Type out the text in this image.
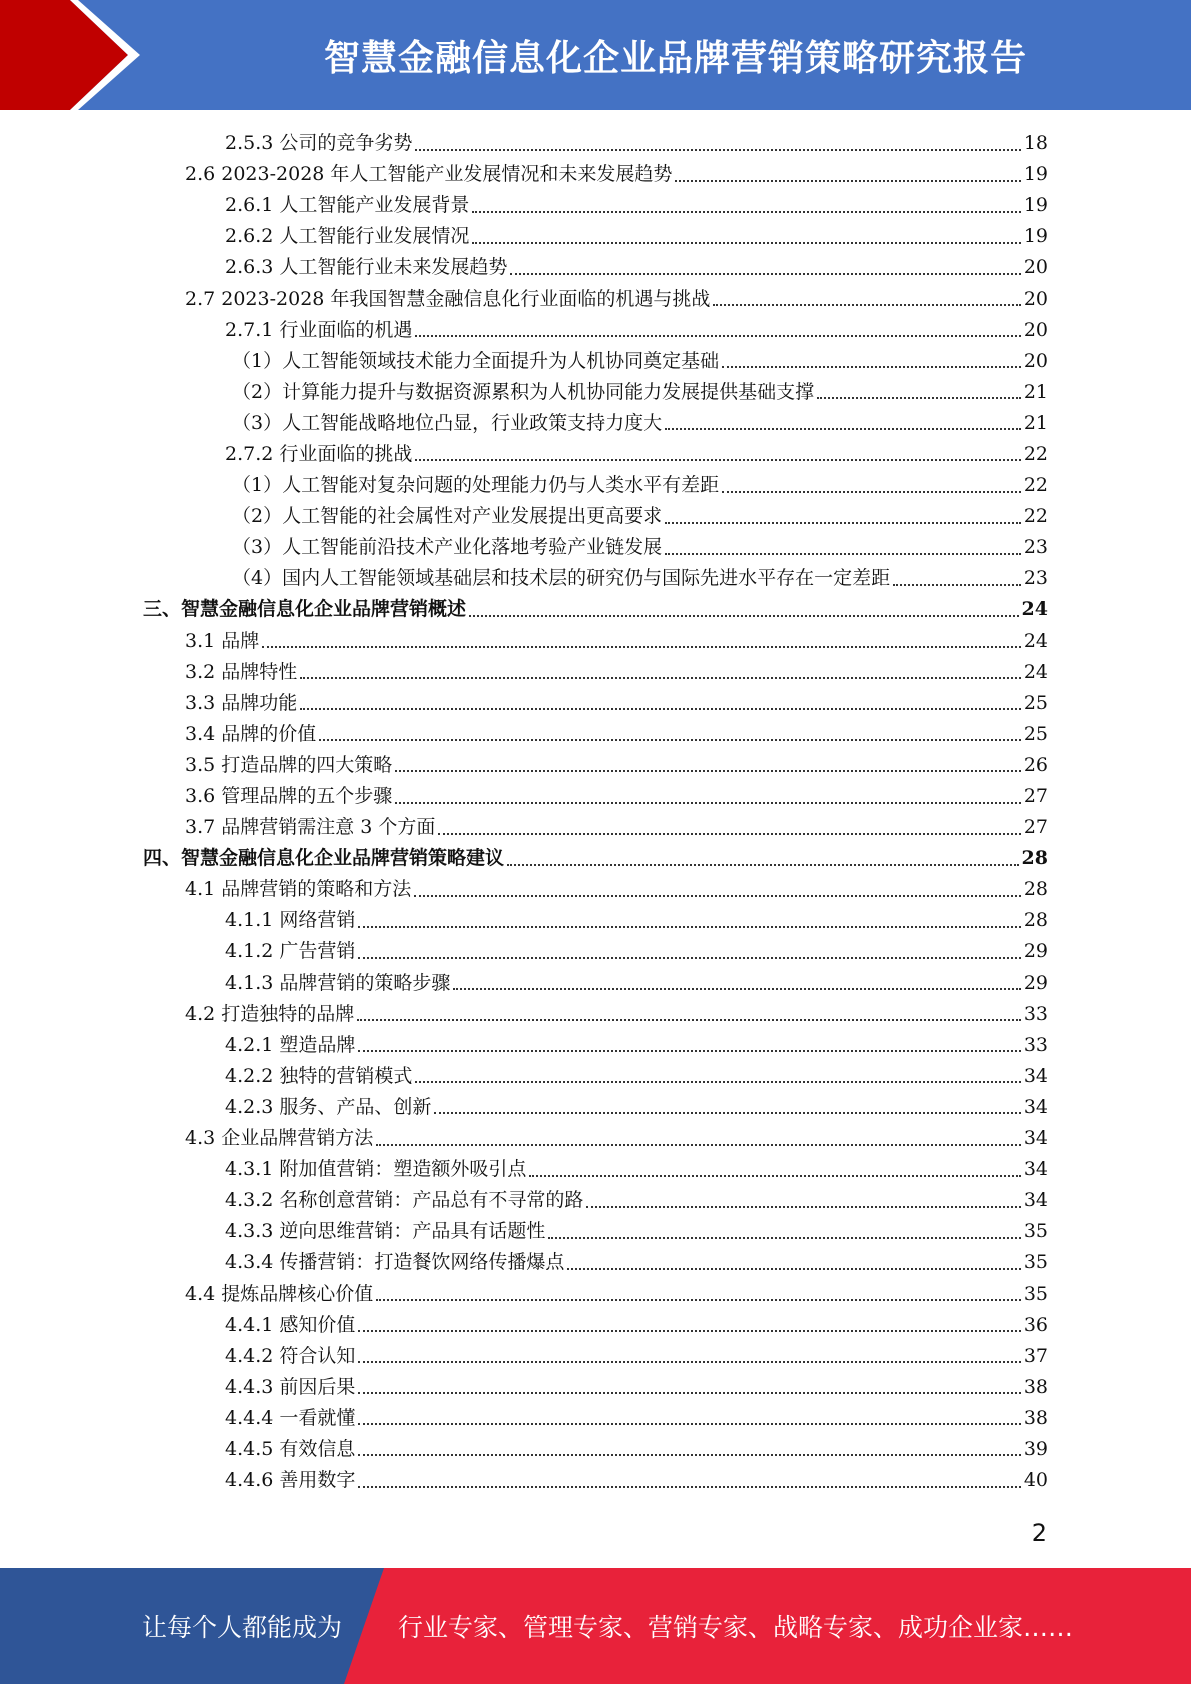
智慧金融信息化企业品牌营销策略研究报告
2.5.3 公司的竞争劣势	18
2.6 2023-2028 年人工智能产业发展情况和未来发展趋势	19
2.6.1 人工智能产业发展背景	19
2.6.2 人工智能行业发展情况	19
2.6.3 人工智能行业未来发展趋势	20
2.7 2023-2028 年我国智慧金融信息化行业面临的机遇与挑战	20
2.7.1 行业面临的机遇	20
（1）人工智能领域技术能力全面提升为人机协同奠定基础	20
（2）计算能力提升与数据资源累积为人机协同能力发展提供基础支撑	21
（3）人工智能战略地位凸显，行业政策支持力度大	21
2.7.2 行业面临的挑战	22
（1）人工智能对复杂问题的处理能力仍与人类水平有差距	22
（2）人工智能的社会属性对产业发展提出更高要求	22
（3）人工智能前沿技术产业化落地考验产业链发展	23
（4）国内人工智能领域基础层和技术层的研究仍与国际先进水平存在一定差距	23
三、智慧金融信息化企业品牌营销概述	24
3.1 品牌	24
3.2 品牌特性	24
3.3 品牌功能	25
3.4 品牌的价值	25
3.5 打造品牌的四大策略	26
3.6 管理品牌的五个步骤	27
3.7 品牌营销需注意 3 个方面	27
四、智慧金融信息化企业品牌营销策略建议	28
4.1 品牌营销的策略和方法	28
4.1.1 网络营销	28
4.1.2 广告营销	29
4.1.3 品牌营销的策略步骤	29
4.2 打造独特的品牌	33
4.2.1 塑造品牌	33
4.2.2 独特的营销模式	34
4.2.3 服务、产品、创新	34
4.3 企业品牌营销方法	34
4.3.1 附加值营销：塑造额外吸引点	34
4.3.2 名称创意营销：产品总有不寻常的路	34
4.3.3 逆向思维营销：产品具有话题性	35
4.3.4 传播营销：打造餐饮网络传播爆点	35
4.4 提炼品牌核心价值	35
4.4.1 感知价值	36
4.4.2 符合认知	37
4.4.3 前因后果	38
4.4.4 一看就懂	38
4.4.5 有效信息	39
4.4.6 善用数字	40
2
让每个人都能成为 行业专家、管理专家、营销专家、战略专家、成功企业家……
